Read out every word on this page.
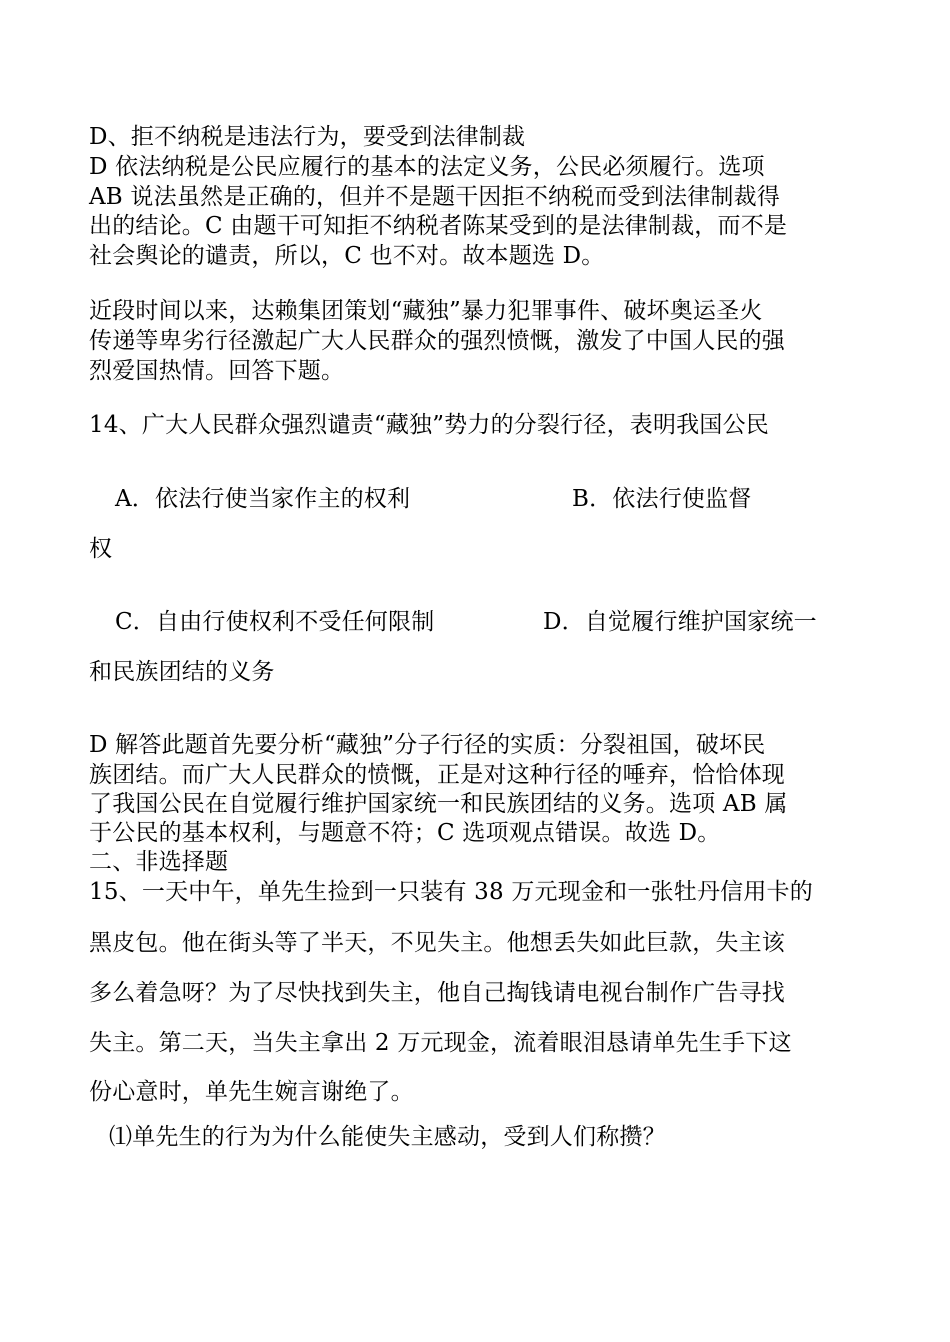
D、拒不纳税是违法行为，要受到法律制裁
D 依法纳税是公民应履行的基本的法定义务，公民必须履行。选项
AB 说法虽然是正确的，但并不是题干因拒不纳税而受到法律制裁得
出的结论。C 由题干可知拒不纳税者陈某受到的是法律制裁，而不是
社会舆论的谴责，所以，C 也不对。故本题选 D。
近段时间以来，达赖集团策划“藏独”暴力犯罪事件、破坏奥运圣火
传递等卑劣行径激起广大人民群众的强烈愤慨，激发了中国人民的强
烈爱国热情。回答下题。
14、广大人民群众强烈谴责“藏独”势力的分裂行径，表明我国公民
A．依法行使当家作主的权利	B．依法行使监督
权
C．自由行使权利不受任何限制	D．自觉履行维护国家统一
和民族团结的义务
D 解答此题首先要分析“藏独”分子行径的实质：分裂祖国，破坏民
族团结。而广大人民群众的愤慨，正是对这种行径的唾弃，恰恰体现
了我国公民在自觉履行维护国家统一和民族团结的义务。选项 AB 属
于公民的基本权利，与题意不符；C 选项观点错误。故选 D。
二、非选择题
15、一天中午，单先生捡到一只装有 38 万元现金和一张牡丹信用卡的
黑皮包。他在街头等了半天，不见失主。他想丢失如此巨款，失主该
多么着急呀？为了尽快找到失主，他自己掏钱请电视台制作广告寻找
失主。第二天，当失主拿出 2 万元现金，流着眼泪恳请单先生手下这
份心意时，单先生婉言谢绝了。
⑴单先生的行为为什么能使失主感动，受到人们称攒？
